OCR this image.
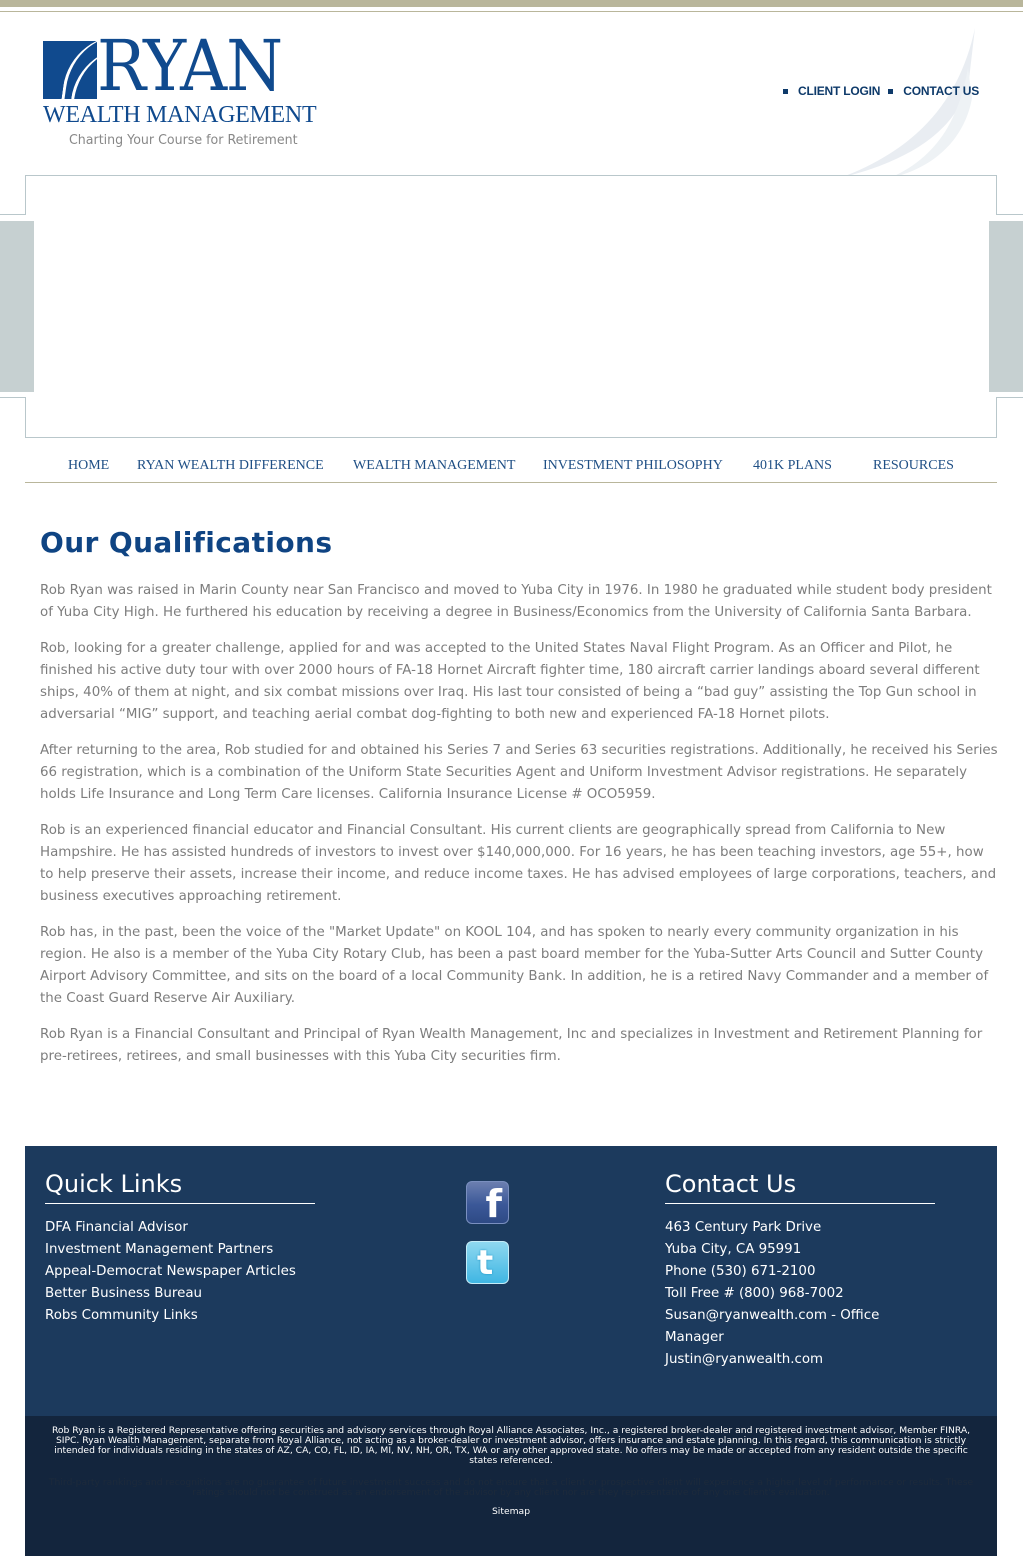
RYAN
WEALTH MANAGEMENT
Charting Your Course for Retirement
CLIENT LOGIN CONTACT US
HOME RYAN WEALTH DIFFERENCE WEALTH MANAGEMENT INVESTMENT PHILOSOPHY 401K PLANS	RESOURCES
Our Qualifications

Rob Ryan was raised in Marin County near San Francisco and moved to Yuba City in 1976. In 1980 he graduated while student body president of Yuba City High. He furthered his education by receiving a degree in Business/Economics from the University of California Santa Barbara.

Rob, looking for a greater challenge, applied for and was accepted to the United States Naval Flight Program. As an Officer and Pilot, he finished his active duty tour with over 2000 hours of FA-18 Hornet Aircraft fighter time, 180 aircraft carrier landings aboard several different ships, 40% of them at night, and six combat missions over Iraq. His last tour consisted of being a “bad guy” assisting the Top Gun school in adversarial “MIG” support, and teaching aerial combat dog-fighting to both new and experienced FA-18 Hornet pilots.

After returning to the area, Rob studied for and obtained his Series 7 and Series 63 securities registrations. Additionally, he received his Series 66 registration, which is a combination of the Uniform State Securities Agent and Uniform Investment Advisor registrations. He separately holds Life Insurance and Long Term Care licenses. California Insurance License # OCO5959.

Rob is an experienced financial educator and Financial Consultant. His current clients are geographically spread from California to New Hampshire. He has assisted hundreds of investors to invest over $140,000,000. For 16 years, he has been teaching investors, age 55+, how to help preserve their assets, increase their income, and reduce income taxes. He has advised employees of large corporations, teachers, and business executives approaching retirement.

Rob has, in the past, been the voice of the "Market Update" on KOOL 104, and has spoken to nearly every community organization in his region. He also is a member of the Yuba City Rotary Club, has been a past board member for the Yuba-Sutter Arts Council and Sutter County Airport Advisory Committee, and sits on the board of a local Community Bank. In addition, he is a retired Navy Commander and a member of the Coast Guard Reserve Air Auxiliary.

Rob Ryan is a Financial Consultant and Principal of Ryan Wealth Management, Inc and specializes in Investment and Retirement Planning for pre-retirees, retirees, and small businesses with this Yuba City securities firm.

Quick Links
DFA Financial Advisor
Investment Management Partners
Appeal-Democrat Newspaper Articles
Better Business Bureau
Robs Community Links
f
t
Contact Us
463 Century Park Drive
Yuba City, CA 95991
Phone (530) 671-2100
Toll Free # (800) 968-7002
Susan@ryanwealth.com - Office
Manager
Justin@ryanwealth.com

Rob Ryan is a Registered Representative offering securities and advisory services through Royal Alliance Associates, Inc., a registered broker-dealer and registered investment advisor, Member FINRA, SIPC. Ryan Wealth Management, separate from Royal Alliance, not acting as a broker-dealer or investment advisor, offers insurance and estate planning. In this regard, this communication is strictly intended for individuals residing in the states of AZ, CA, CO, FL, ID, IA, MI, NV, NH, OR, TX, WA or any other approved state. No offers may be made or accepted from any resident outside the specific states referenced.

Third-party rankings and recognitions are no guarantee of future investment success and do not ensure that a client or prospective client will experience a higher level of performance or results. These ratings should not be construed as an endorsement of the advisor by any client nor are they representative of any one client's evaluation.

Sitemap
